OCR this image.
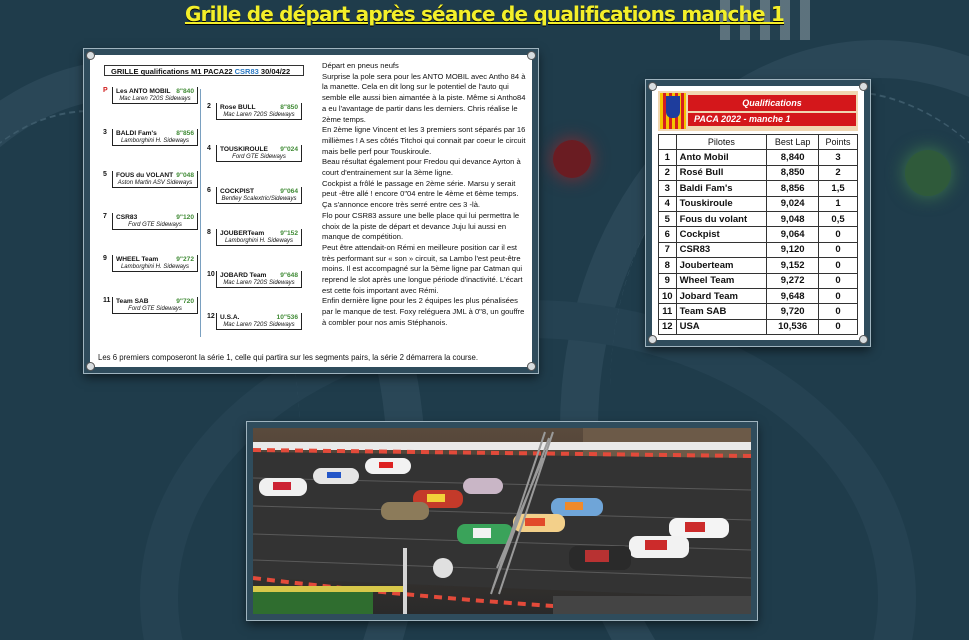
Grille de départ après séance de qualifications manche 1
GRILLE qualifications M1 PACA22 CSR83 30/04/22
P Les ANTO MOBIL 8"840
Mac Laren 720S Sideways
2 Rose BULL	8"850
Mac Laren 720S Sideways
3 BALDI Fam's	8"856
Lamborghini H. Sideways
4 TOUSKIROULE 9"024
Ford GTE Sideways
5 FOUS du VOLANT 9"048
Aston Martin ASV Sideways
6 COCKPIST	9"064
Bentley Scalextric/Sideways
7 CSR83	9"120
Ford GTE Sideways
8 JOUBERTeam 9"152
Lamborghini H. Sideways
9 WHEEL Team	9"272
Lamborghini H. Sideways
10 JOBARD Team 9"648
Mac Laren 720S Sideways
11 Team SAB	9"720
Ford GTE Sideways
12 U.S.A.	10"536
Mac Laren 720S Sideways

Départ en pneus neufs

Surprise la pole sera pour les ANTO MOBIL avec Antho 84 à la manette. Cela en dit long sur le potentiel de l'auto qui semble elle aussi bien aimantée à la piste. Même si Antho84 a eu l'avantage de partir dans les derniers. Chris réalise le 2ème temps.

En 2ème ligne Vincent et les 3 premiers sont séparés par 16 millièmes ! A ses côtés Titchoi qui connait par coeur le circuit mais belle perf pour Touskiroule.

Beau résultat également pour Fredou qui devance Ayrton à court d'entrainement sur la 3ème ligne.

Cockpist a frôlé le passage en 2ème série. Marsu y serait peut -être allé ! encore 0"04 entre le 4ème et 6ème temps. Ça s'annonce encore très serré entre ces 3 -là.

Flo pour CSR83 assure une belle place qui lui permettra le choix de la piste de départ et devance Juju lui aussi en manque de compétition.

Peut être attendait-on Rémi en meilleure position car il est très performant sur « son » circuit, sa Lambo l'est peut-être moins. Il est accompagné sur la 5ème ligne par Catman qui reprend le slot après une longue période d'inactivité. L'écart est cette fois important avec Rémi.

Enfin dernière ligne pour les 2 équipes les plus pénalisées par le manque de test. Foxy reléguera JML à 0"8, un gouffre à combler pour nos amis Stéphanois.

Les 6 premiers composeront la série 1, celle qui partira sur les segments pairs, la série 2 démarrera la course.
Qualifications
PACA 2022 - manche 1
	Pilotes	Best Lap	Points
1	Anto Mobil	8,840	3
2	Rosé Bull	8,850	2
3	Baldi Fam's	8,856	1,5
4	Touskiroule	9,024	1
5	Fous du volant	9,048	0,5
6	Cockpist	9,064	0
7	CSR83	9,120	0
8	Jouberteam	9,152	0
9	Wheel Team	9,272	0
10	Jobard Team	9,648	0
11	Team SAB	9,720	0
12	USA	10,536	0
